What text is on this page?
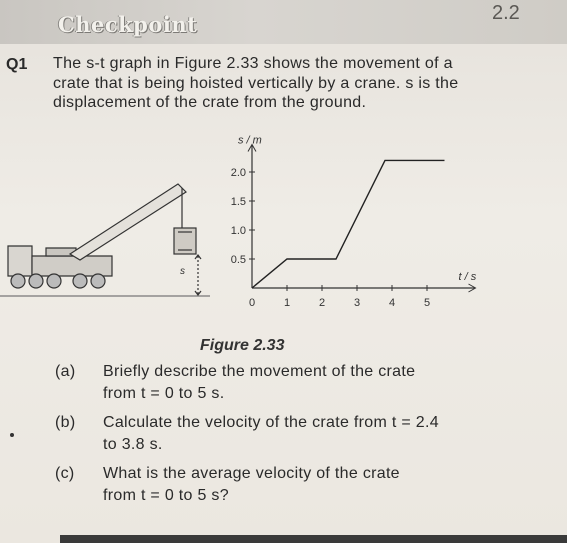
Checkpoint	2.2
Q1 The s-t graph in Figure 2.33 shows the movement of a crate that is being hoisted vertically by a crane. s is the displacement of the crate from the ground.
s
0	1	2	3	4	5
0.5
1.0
1.5
2.0
s / m
t / s
Figure 2.33
(a) Briefly describe the movement of the crate
from t = 0 to 5 s.
(b) Calculate the velocity of the crate from t = 2.4
to 3.8 s.
(c) What is the average velocity of the crate
from t = 0 to 5 s?
